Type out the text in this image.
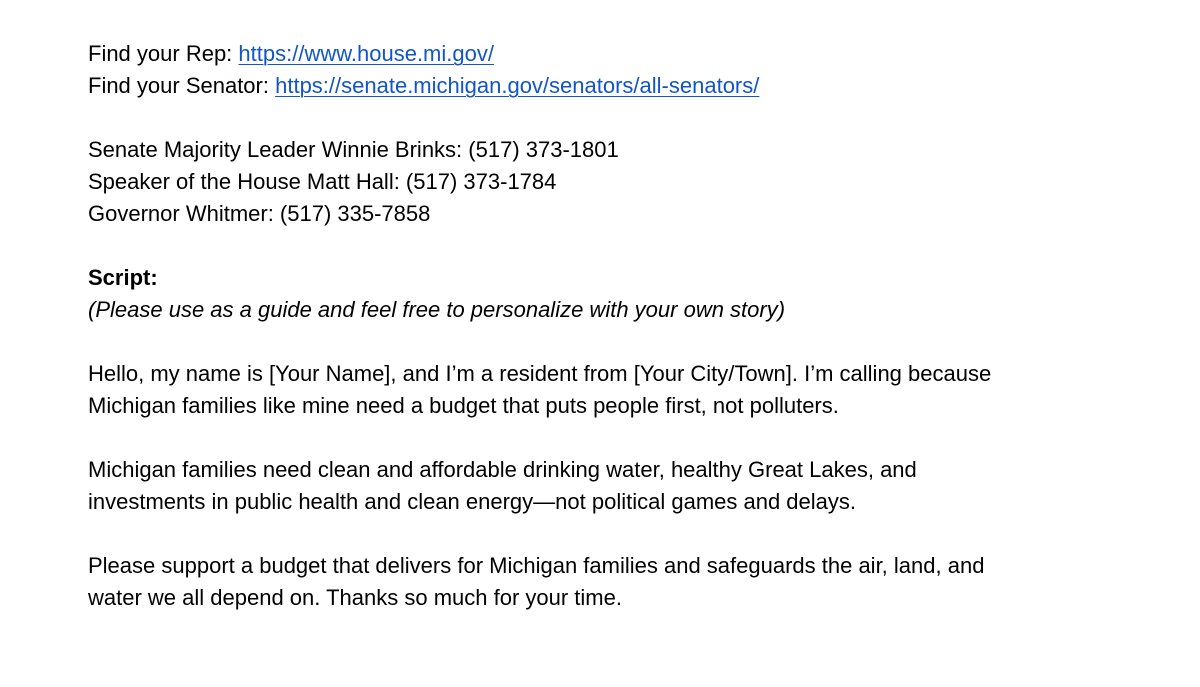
Find your Rep: https://www.house.mi.gov/
Find your Senator: https://senate.michigan.gov/senators/all-senators/
Senate Majority Leader Winnie Brinks: (517) 373-1801
Speaker of the House Matt Hall: (517) 373-1784
Governor Whitmer: (517) 335-7858
Script:
(Please use as a guide and feel free to personalize with your own story)
Hello, my name is [Your Name], and I’m a resident from [Your City/Town]. I’m calling because
Michigan families like mine need a budget that puts people first, not polluters.
Michigan families need clean and affordable drinking water, healthy Great Lakes, and
investments in public health and clean energy—not political games and delays.
Please support a budget that delivers for Michigan families and safeguards the air, land, and
water we all depend on. Thanks so much for your time.
